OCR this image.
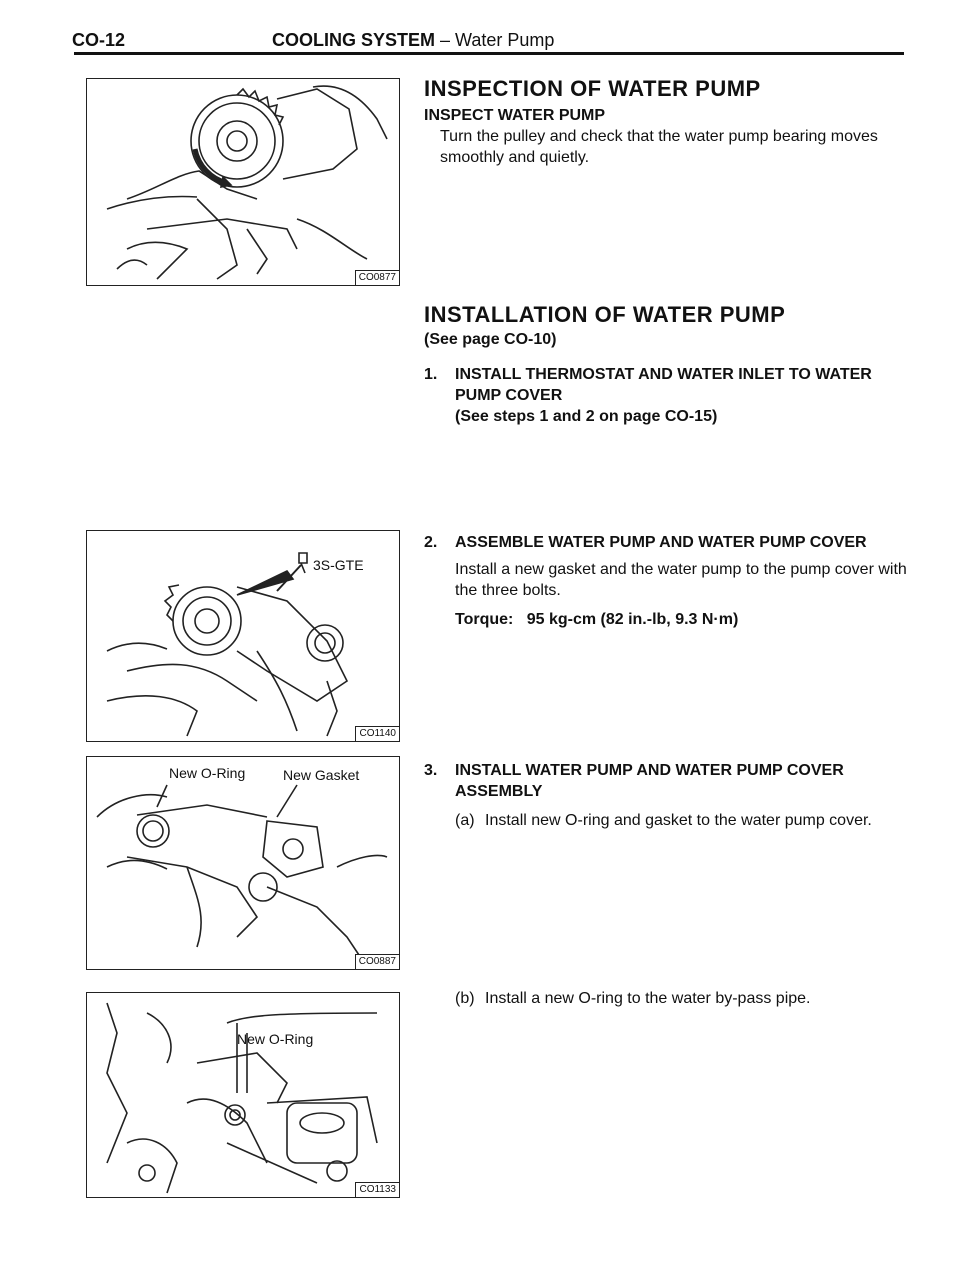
CO-12	COOLING SYSTEM – Water Pump
CO0877
3S-GTE
CO1140
New O-Ring	New Gasket
CO0887
New O-Ring
CO1133
INSPECTION OF WATER PUMP
INSPECT WATER PUMP
Turn the pulley and check that the water pump bearing moves smoothly and quietly.
INSTALLATION OF WATER PUMP
(See page CO-10)
1.	INSTALL THERMOSTAT AND WATER INLET TO WATER PUMP COVER
(See steps 1 and 2 on page CO-15)
2.	ASSEMBLE WATER PUMP AND WATER PUMP COVER
Install a new gasket and the water pump to the pump cover with the three bolts.
Torque: 95 kg-cm (82 in.-lb, 9.3 N·m)
3.	INSTALL WATER PUMP AND WATER PUMP COVER ASSEMBLY
(a) Install new O-ring and gasket to the water pump cover.
(b) Install a new O-ring to the water by-pass pipe.
